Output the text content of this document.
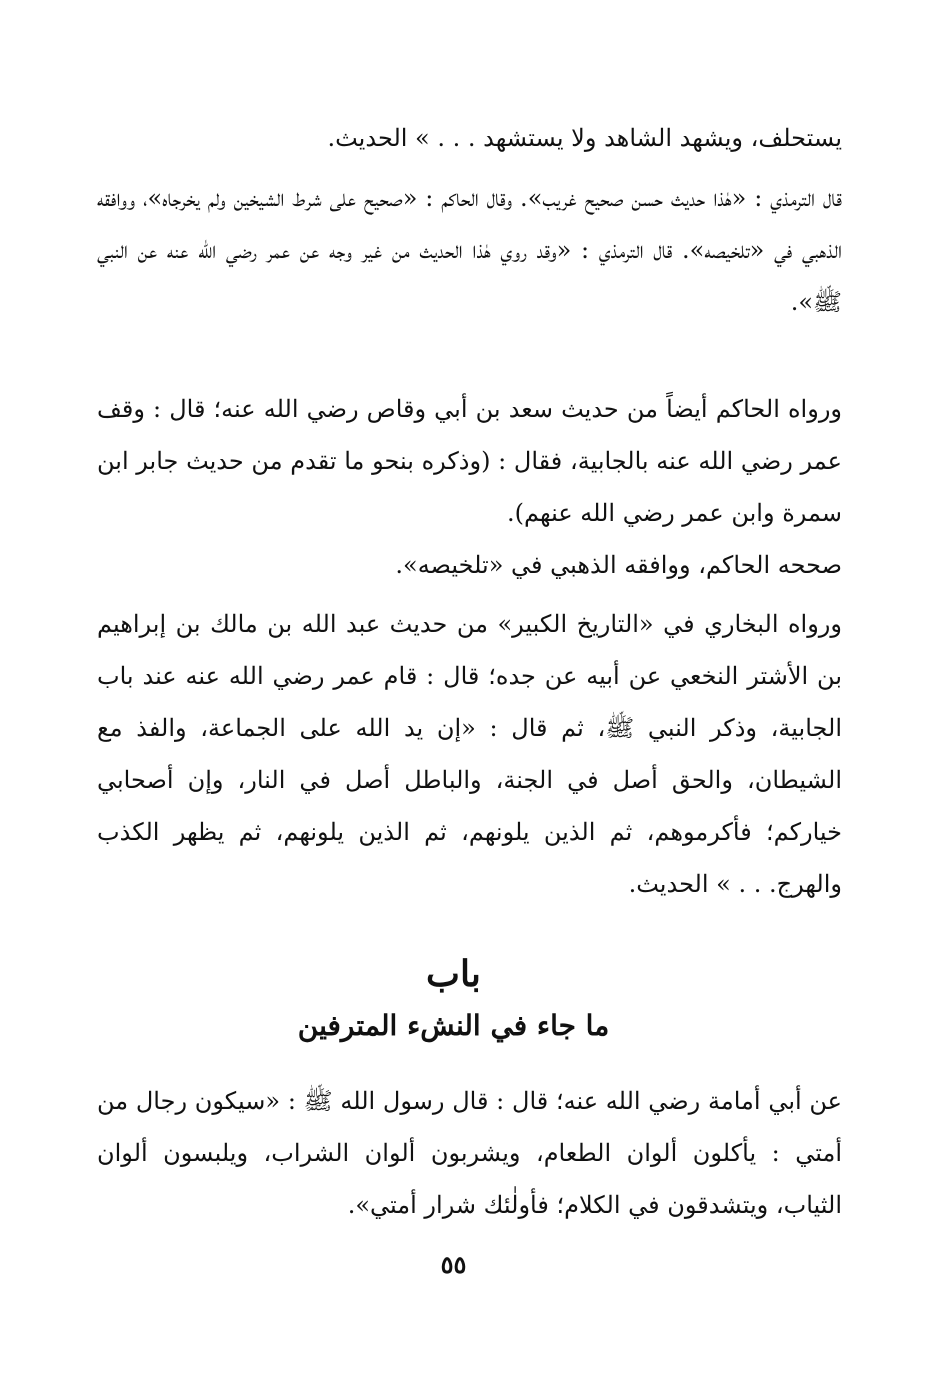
يستحلف، ويشهد الشاهد ولا يستشهد . . . » الحديث.

قال الترمذي : «هٰذا حديث حسن صحيح غريب». وقال الحاكم : «صحيح على شرط الشيخين ولم يخرجاه»، ووافقه الذهبي في «تلخيصه». قال الترمذي : «وقد روي هٰذا الحديث من غير وجه عن عمر رضي الله عنه عن النبي ﷺ».

ورواه الحاكم أيضاً من حديث سعد بن أبي وقاص رضي الله عنه؛ قال : وقف عمر رضي الله عنه بالجابية، فقال : (وذكره بنحو ما تقدم من حديث جابر ابن سمرة وابن عمر رضي الله عنهم).

صححه الحاكم، ووافقه الذهبي في «تلخيصه».

ورواه البخاري في «التاريخ الكبير» من حديث عبد الله بن مالك بن إبراهيم بن الأشتر النخعي عن أبيه عن جده؛ قال : قام عمر رضي الله عنه عند باب الجابية، وذكر النبي ﷺ، ثم قال : «إن يد الله على الجماعة، والفذ مع الشيطان، والحق أصل في الجنة، والباطل أصل في النار، وإن أصحابي خياركم؛ فأكرموهم، ثم الذين يلونهم، ثم الذين يلونهم، ثم يظهر الكذب والهرج. . . » الحديث.

باب
ما جاء في النشء المترفين

عن أبي أمامة رضي الله عنه؛ قال : قال رسول الله ﷺ : «سيكون رجال من أمتي : يأكلون ألوان الطعام، ويشربون ألوان الشراب، ويلبسون ألوان الثياب، ويتشدقون في الكلام؛ فأولٰئك شرار أمتي».

٥٥
